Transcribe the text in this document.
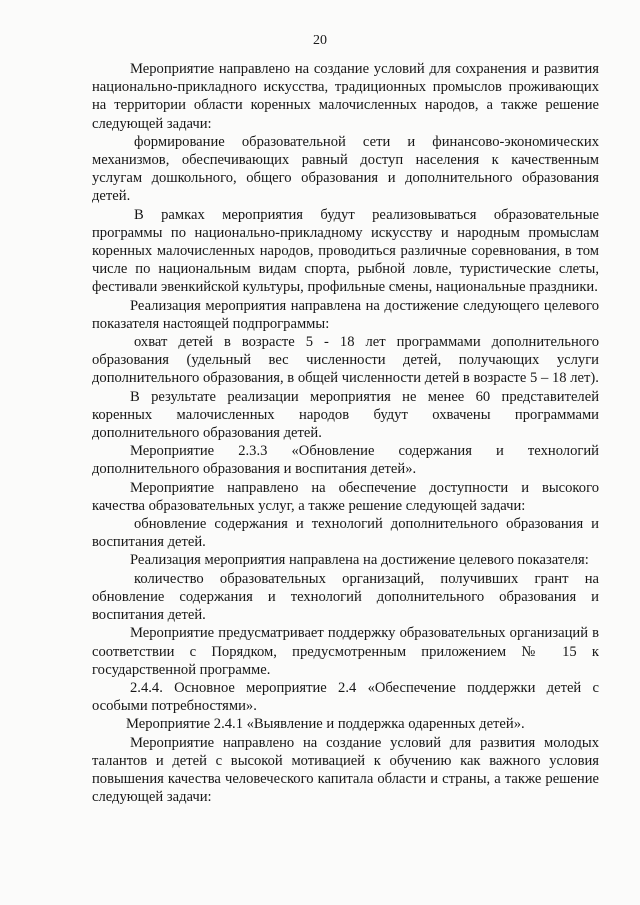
20

Мероприятие направлено на создание условий для сохранения и развития национально-прикладного искусства, традиционных промыслов проживающих на территории области коренных малочисленных народов, а также решение следующей задачи:

формирование образовательной сети и финансово-экономических механизмов, обеспечивающих равный доступ населения к качественным услугам дошкольного, общего образования и дополнительного образования детей.

В рамках мероприятия будут реализовываться образовательные программы по национально-прикладному искусству и народным промыслам коренных малочисленных народов, проводиться различные соревнования, в том числе по национальным видам спорта, рыбной ловле, туристические слеты, фестивали эвенкийской культуры, профильные смены, национальные праздники.

Реализация мероприятия направлена на достижение следующего целевого показателя настоящей подпрограммы:

охват детей в возрасте 5 - 18 лет программами дополнительного образования (удельный вес численности детей, получающих услуги дополнительного образования, в общей численности детей в возрасте 5 – 18 лет).

В результате реализации мероприятия не менее 60 представителей коренных малочисленных народов будут охвачены программами дополнительного образования детей.

Мероприятие 2.3.3 «Обновление содержания и технологий дополнительного образования и воспитания детей».

Мероприятие направлено на обеспечение доступности и высокого качества образовательных услуг, а также решение следующей задачи:

обновление содержания и технологий дополнительного образования и воспитания детей.

Реализация мероприятия направлена на достижение целевого показателя:

количество образовательных организаций, получивших грант на обновление содержания и технологий дополнительного образования и воспитания детей.

Мероприятие предусматривает поддержку образовательных организаций в соответствии с Порядком, предусмотренным приложением № 15 к государственной программе.

2.4.4. Основное мероприятие 2.4 «Обеспечение поддержки детей с особыми потребностями».

Мероприятие 2.4.1 «Выявление и поддержка одаренных детей».

Мероприятие направлено на создание условий для развития молодых талантов и детей с высокой мотивацией к обучению как важного условия повышения качества человеческого капитала области и страны, а также решение следующей задачи:
